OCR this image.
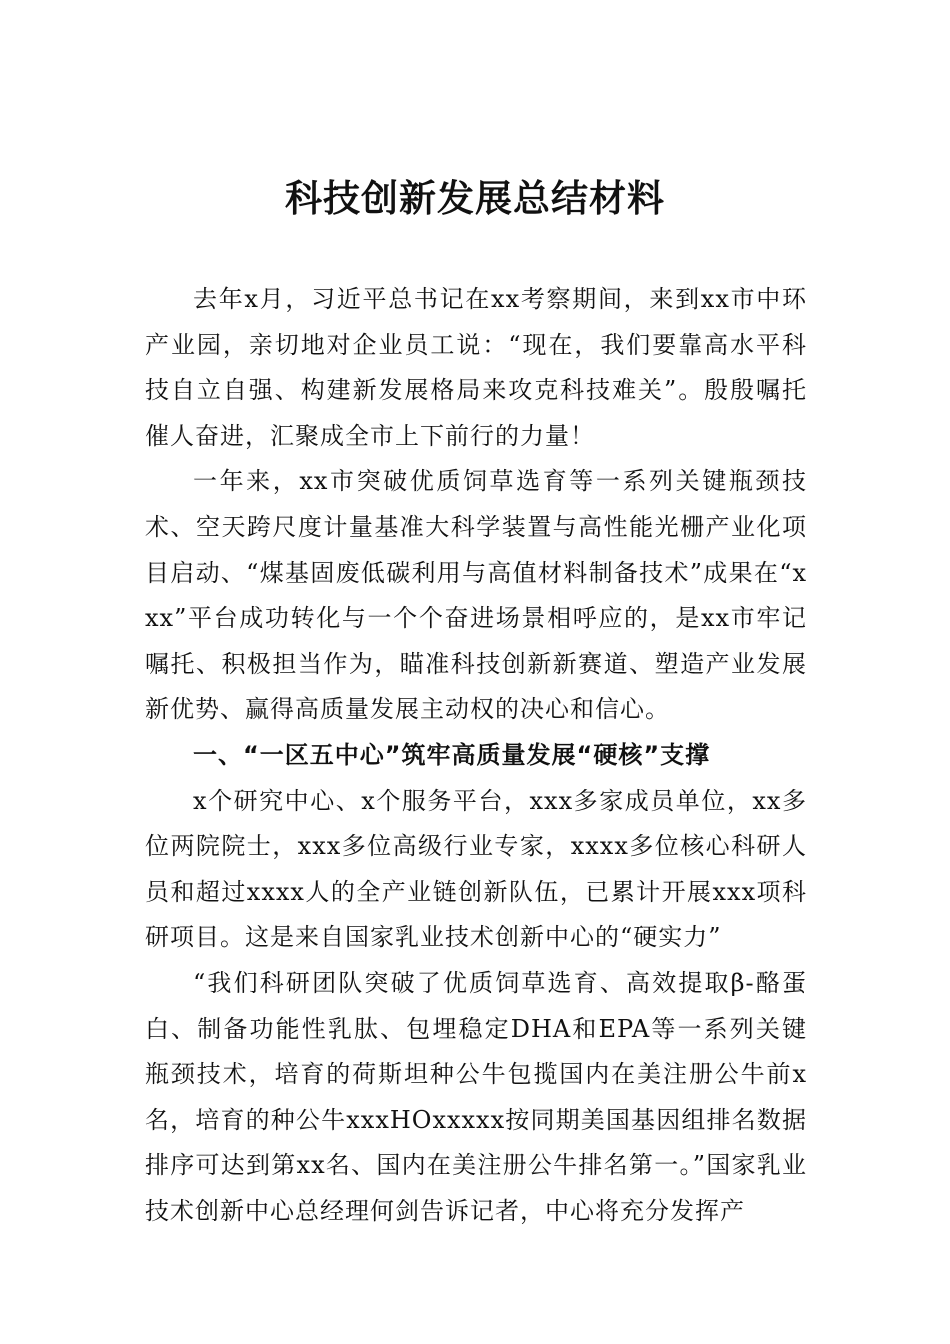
科技创新发展总结材料

去年x月，习近平总书记在xx考察期间，来到xx市中环产业园，亲切地对企业员工说：“现在，我们要靠高水平科技自立自强、构建新发展格局来攻克科技难关”。殷殷嘱托催人奋进，汇聚成全市上下前行的力量！

一年来，xx市突破优质饲草选育等一系列关键瓶颈技术、空天跨尺度计量基准大科学装置与高性能光栅产业化项目启动、“煤基固废低碳利用与高值材料制备技术”成果在“xxx”平台成功转化与一个个奋进场景相呼应的，是xx市牢记嘱托、积极担当作为，瞄准科技创新新赛道、塑造产业发展新优势、赢得高质量发展主动权的决心和信心。

一、“一区五中心”筑牢高质量发展“硬核”支撑

x个研究中心、x个服务平台，xxx多家成员单位，xx多位两院院士，xxx多位高级行业专家，xxxx多位核心科研人员和超过xxxx人的全产业链创新队伍，已累计开展xxx项科研项目。这是来自国家乳业技术创新中心的“硬实力”

“我们科研团队突破了优质饲草选育、高效提取β-酪蛋白、制备功能性乳肽、包埋稳定DHA和EPA等一系列关键瓶颈技术，培育的荷斯坦种公牛包揽国内在美注册公牛前x名，培育的种公牛xxxHOxxxxx按同期美国基因组排名数据排序可达到第xx名、国内在美注册公牛排名第一。”国家乳业技术创新中心总经理何剑告诉记者，中心将充分发挥产
